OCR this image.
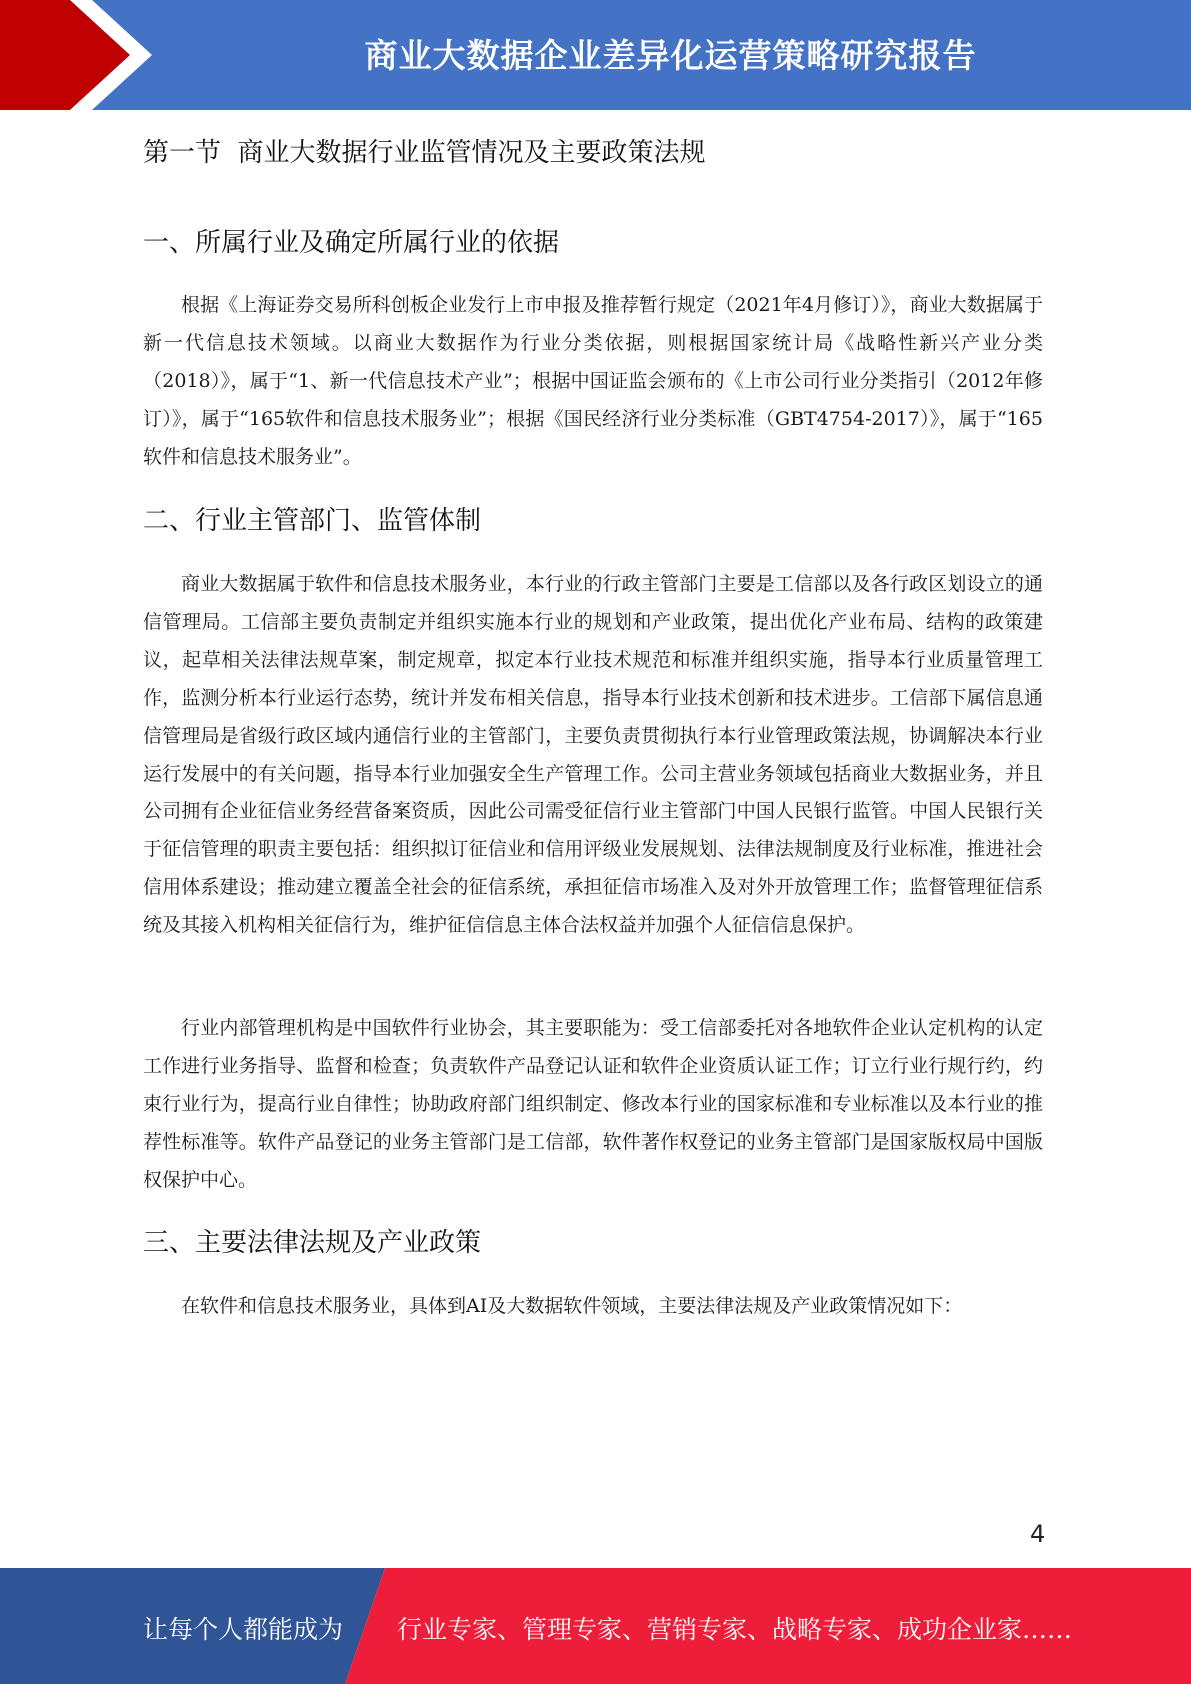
商业大数据企业差异化运营策略研究报告
第一节  商业大数据行业监管情况及主要政策法规
一、所属行业及确定所属行业的依据

根据《上海证券交易所科创板企业发行上市申报及推荐暂行规定（2021年4月修订）》，商业大数据属于新一代信息技术领域。以商业大数据作为行业分类依据，则根据国家统计局《战略性新兴产业分类（2018）》，属于“1、新一代信息技术产业”；根据中国证监会颁布的《上市公司行业分类指引（2012年修订）》，属于“165软件和信息技术服务业”；根据《国民经济行业分类标准（GBT4754-2017）》，属于“165软件和信息技术服务业”。

二、行业主管部门、监管体制

商业大数据属于软件和信息技术服务业，本行业的行政主管部门主要是工信部以及各行政区划设立的通信管理局。工信部主要负责制定并组织实施本行业的规划和产业政策，提出优化产业布局、结构的政策建议，起草相关法律法规草案，制定规章，拟定本行业技术规范和标准并组织实施，指导本行业质量管理工作，监测分析本行业运行态势，统计并发布相关信息，指导本行业技术创新和技术进步。工信部下属信息通信管理局是省级行政区域内通信行业的主管部门，主要负责贯彻执行本行业管理政策法规，协调解决本行业运行发展中的有关问题，指导本行业加强安全生产管理工作。公司主营业务领域包括商业大数据业务，并且公司拥有企业征信业务经营备案资质，因此公司需受征信行业主管部门中国人民银行监管。中国人民银行关于征信管理的职责主要包括：组织拟订征信业和信用评级业发展规划、法律法规制度及行业标准，推进社会信用体系建设；推动建立覆盖全社会的征信系统，承担征信市场准入及对外开放管理工作；监督管理征信系统及其接入机构相关征信行为，维护征信信息主体合法权益并加强个人征信信息保护。

行业内部管理机构是中国软件行业协会，其主要职能为：受工信部委托对各地软件企业认定机构的认定工作进行业务指导、监督和检查；负责软件产品登记认证和软件企业资质认证工作；订立行业行规行约，约束行业行为，提高行业自律性；协助政府部门组织制定、修改本行业的国家标准和专业标准以及本行业的推荐性标准等。软件产品登记的业务主管部门是工信部，软件著作权登记的业务主管部门是国家版权局中国版权保护中心。

三、主要法律法规及产业政策

在软件和信息技术服务业，具体到AI及大数据软件领域，主要法律法规及产业政策情况如下：

4
让每个人都能成为 行业专家、管理专家、营销专家、战略专家、成功企业家……
